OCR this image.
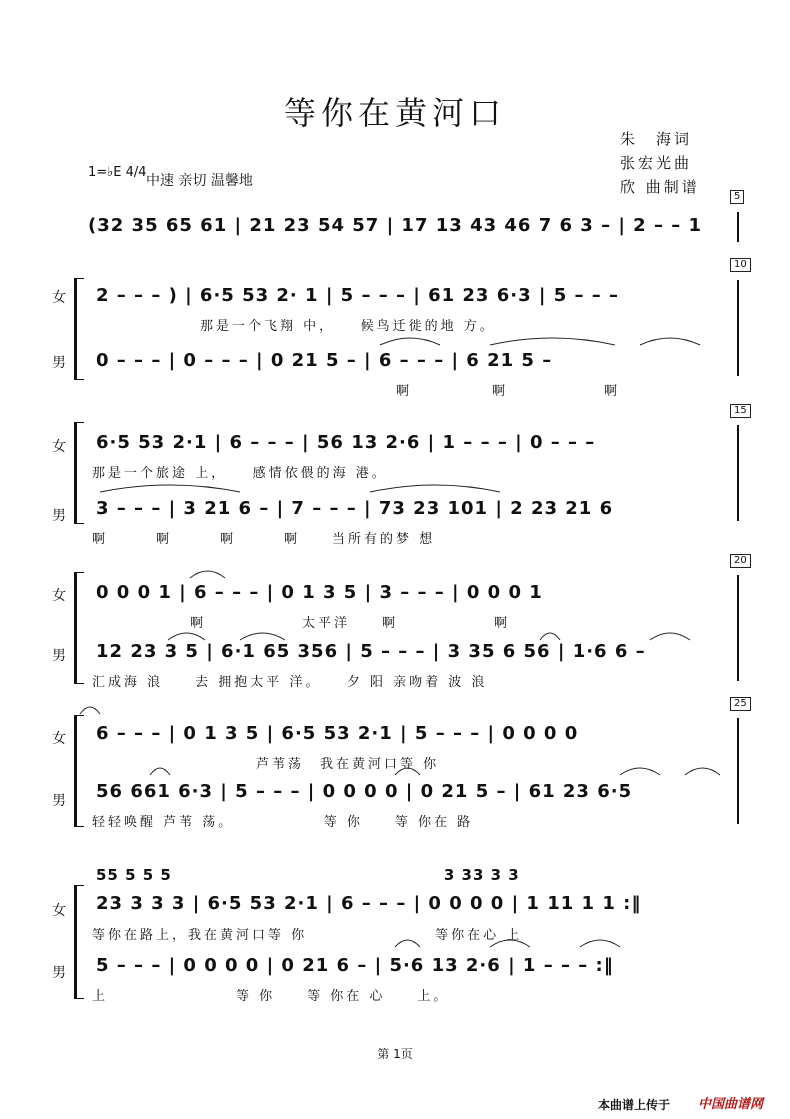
等你在黄河口
朱　海词
张宏光曲
欣 曲制谱
1=♭E 4/4
中速 亲切 温馨地
5
10
15
20
25
(32 35 65 61 | 21 23 54 57 | 17 13 43 46 7 6 3 – | 2 – – 1
女 2 – – – ) | 6·5 53 2· 1 | 5 – – – | 61 23 6·3 | 5 – – –
那是一个飞翔 中，　　候鸟迁徙的地 方。
男 0 – – – | 0 – – – | 0 21 5 – | 6 – – – | 6 21 5 –
啊　　　　　啊　　　　　　啊
女 6·5 53 2·1 | 6 – – – | 56 13 2·6 | 1 – – – | 0 – – –
那是一个旅途 上，　　感情依偎的海 港。
男 3 – – – | 3 21 6 – | 7 – – – | 73 23 101 | 2 23 21 6
啊　　　啊　　　啊　　　啊　　当所有的梦 想
女 0 0 0 1 | 6 – – – | 0 1 3 5 | 3 – – – | 0 0 0 1
啊　　　　　　太平洋　　啊　　　　　　啊
男 12 23 3 5 | 6·1 65 356 | 5 – – – | 3 35 6 56 | 1·6 6 –
汇成海 浪　　去 拥抱太平 洋。　　夕 阳 亲吻着 波 浪
女 6 – – – | 0 1 3 5 | 6·5 53 2·1 | 5 – – – | 0 0 0 0
芦苇荡　我在黄河口等 你
男 56 661 6·3 | 5 – – – | 0 0 0 0 | 0 21 5 – | 61 23 6·5
轻轻唤醒 芦苇 荡。　　　　　　等 你　　等 你在 路
55 5 5 5　　　　　　　　　　　　　　　　　3 33 3 3
女 23 3 3 3 | 6·5 53 2·1 | 6 – – – | 0 0 0 0 | 1 11 1 1 :‖
等你在路上，我在黄河口等 你　　　　　　　　等你在心 上
男 5 – – – | 0 0 0 0 | 0 21 6 – | 5·6 13 2·6 | 1 – – – :‖
上　　　　　　　　等 你　　等 你在 心　　上。
第 1页
本曲谱上传于 中国曲谱网
